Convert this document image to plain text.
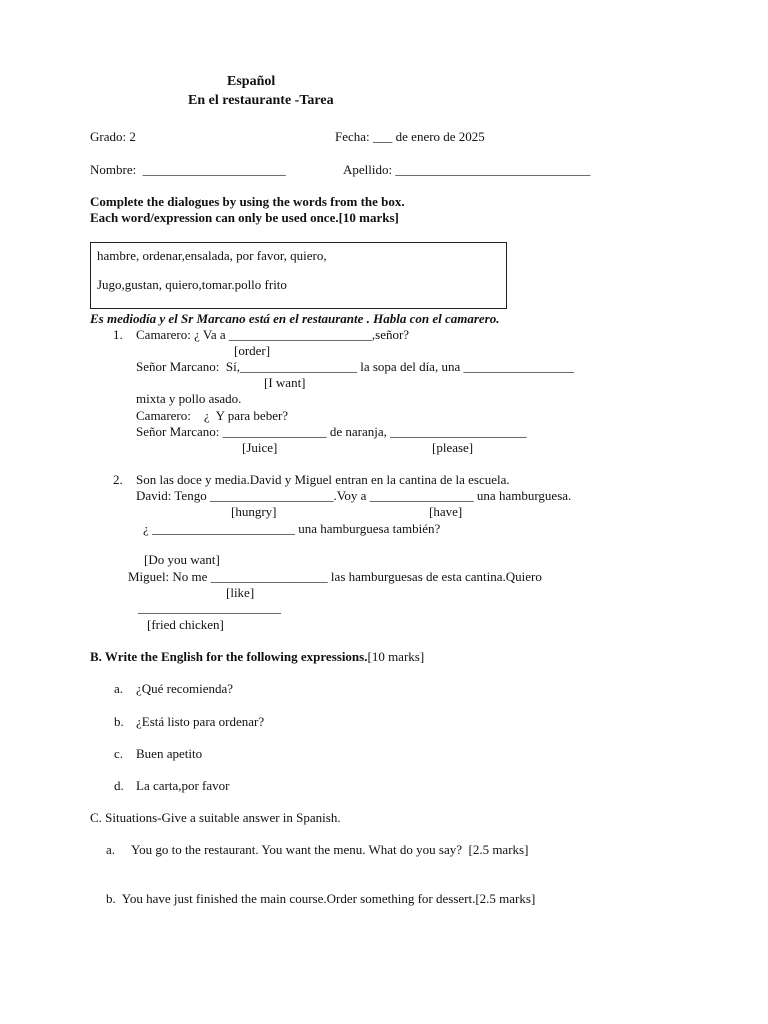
Español
En el restaurante -Tarea
Grado: 2	Fecha: ___ de enero de 2025
Nombre:  ______________________	Apellido: ______________________________
Complete the dialogues by using the words from the box.
Each word/expression can only be used once.[10 marks]
hambre, ordenar,ensalada, por favor, quiero,
Jugo,gustan, quiero,tomar.pollo frito
Es mediodía y el Sr Marcano está en el restaurante . Habla con el camarero.
1. Camarero: ¿ Va a ______________________,señor?
[order]
Señor Marcano:  Sí,__________________ la sopa del día, una _________________
[I want]
mixta y pollo asado.
Camarero:    ¿  Y para beber?
Señor Marcano: ________________ de naranja, _____________________
[Juice]	[please]
2. Son las doce y media.David y Miguel entran en la cantina de la escuela.
David: Tengo ___________________.Voy a ________________ una hamburguesa.
[hungry]	[have]
¿ ______________________ una hamburguesa también?
[Do you want]
Miguel: No me __________________ las hamburguesas de esta cantina.Quiero
[like]
______________________
[fried chicken]
B. Write the English for the following expressions.[10 marks]
a. ¿Qué recomienda?
b. ¿Está listo para ordenar?
c. Buen apetito
d. La carta,por favor
C. Situations-Give a suitable answer in Spanish.
a. You go to the restaurant. You want the menu. What do you say?  [2.5 marks]
b.  You have just finished the main course.Order something for dessert.[2.5 marks]
